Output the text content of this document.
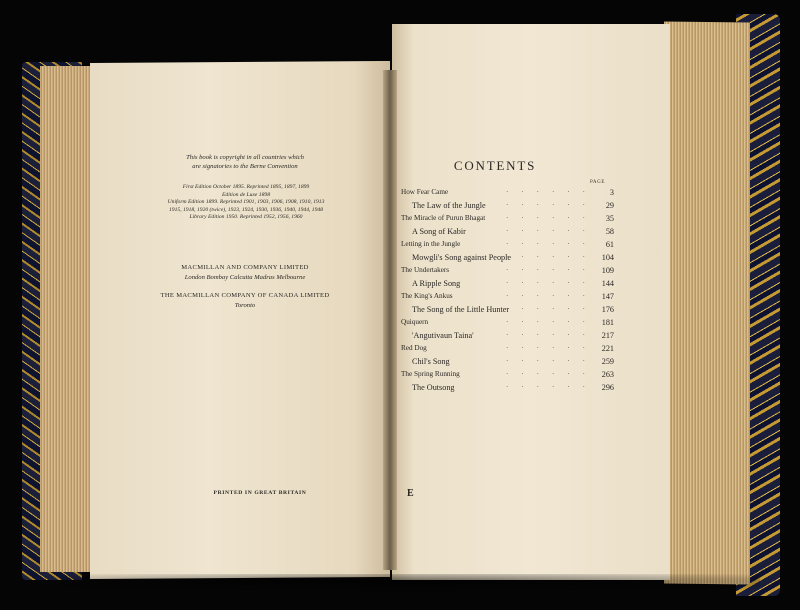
This book is copyright in all countries which
are signatories to the Berne Convention
First Edition October 1895. Reprinted 1895, 1897, 1899
Edition de Luxe 1898
Uniform Edition 1899. Reprinted 1901, 1903, 1906, 1908, 1910, 1913
1915, 1918, 1920 (twice), 1923, 1924, 1930, 1936, 1940, 1944, 1948
Library Edition 1950. Reprinted 1952, 1956, 1960
MACMILLAN AND COMPANY LIMITED
London Bombay Calcutta Madras Melbourne
THE MACMILLAN COMPANY OF CANADA LIMITED
Toronto
PRINTED IN GREAT BRITAIN
CONTENTS
PAGE
How Fear Came	······	3
The Law of the Jungle	······ 29
The Miracle of Purun Bhagat	······ 35
A Song of Kabir	······ 58
Letting in the Jungle	······ 61
Mowgli's Song against People
······ 104
The Undertakers	······ 109
A Ripple Song	······ 144
The King's Ankus	······ 147
The Song of the Little Hunter
······ 176
Quiquern	······ 181
'Angutivaun Taina'	······ 217
Red Dog	······ 221
Chil's Song	······ 259
The Spring Running	······ 263
The Outsong	······ 296
E
